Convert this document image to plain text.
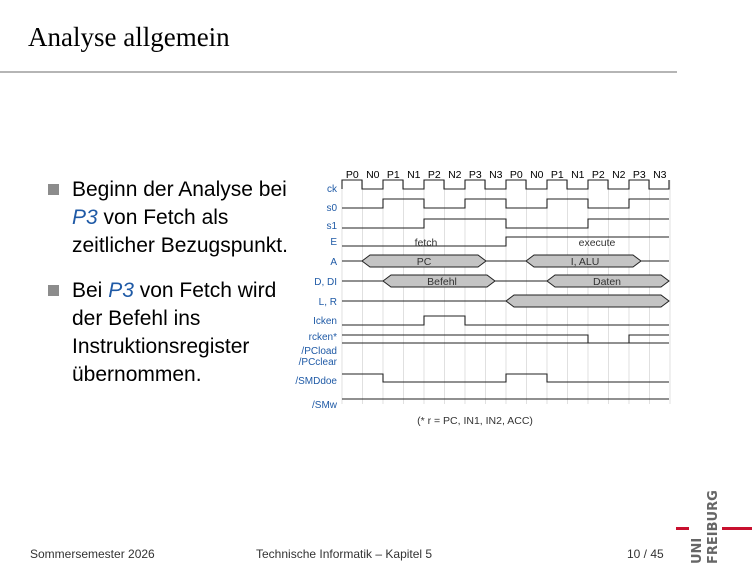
Analyse allgemein
Beginn der Analyse bei P3 von Fetch als zeitlicher Bezugspunkt.
Bei P3 von Fetch wird der Befehl ins Instruktionsregister übernommen.
P0 N0 P1 N1 P2 N2 P3 N3 P0 N0 P1 N1 P2 N2 P3 N3
ck
s0
s1
E
A
D, DI
L, R
Icken
rcken*
/PCload
/PCclear
/SMDdoe
/SMw
fetch	execute
PC	I, ALU
Befehl	Daten
(* r = PC, IN1, IN2, ACC)
Sommersemester 2026	Technische Informatik – Kapitel 5	10 / 45 UNI FREIBURG
